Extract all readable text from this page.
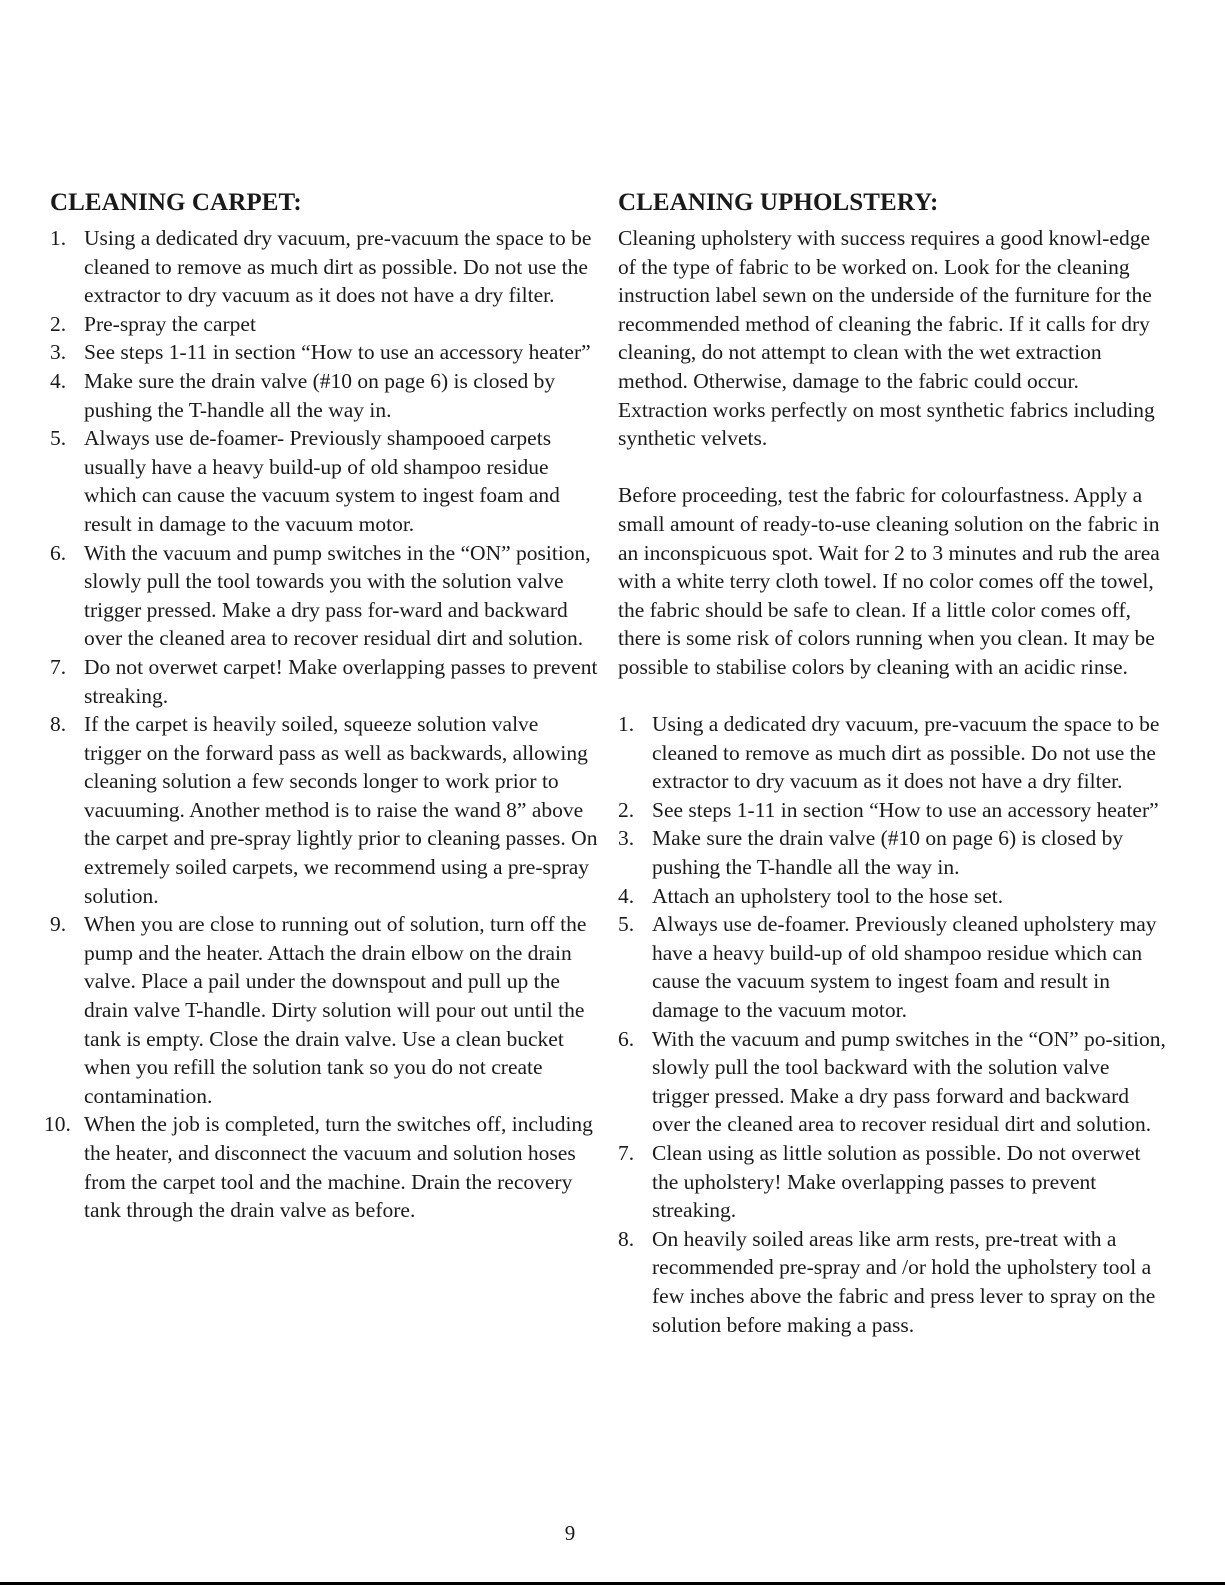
CLEANING CARPET:
1. Using a dedicated dry vacuum, pre-vacuum the space to be cleaned to remove as much dirt as possible. Do not use the extractor to dry vacuum as it does not have a dry filter.
2. Pre-spray the carpet
3. See steps 1-11 in section “How to use an accessory heater”
4. Make sure the drain valve (#10 on page 6) is closed by pushing the T-handle all the way in.
5. Always use de-foamer- Previously shampooed carpets usually have a heavy build-up of old shampoo residue which can cause the vacuum system to ingest foam and result in damage to the vacuum motor.
6. With the vacuum and pump switches in the “ON” position, slowly pull the tool towards you with the solution valve trigger pressed. Make a dry pass for-ward and backward over the cleaned area to recover residual dirt and solution.
7. Do not overwet carpet! Make overlapping passes to prevent streaking.
8. If the carpet is heavily soiled, squeeze solution valve trigger on the forward pass as well as backwards, allowing cleaning solution a few seconds longer to work prior to vacuuming. Another method is to raise the wand 8” above the carpet and pre-spray lightly prior to cleaning passes. On extremely soiled carpets, we recommend using a pre-spray solution.
9. When you are close to running out of solution, turn off the pump and the heater. Attach the drain elbow on the drain valve. Place a pail under the downspout and pull up the drain valve T-handle. Dirty solution will pour out until the tank is empty. Close the drain valve. Use a clean bucket when you refill the solution tank so you do not create contamination.
10. When the job is completed, turn the switches off, including the heater, and disconnect the vacuum and solution hoses from the carpet tool and the machine. Drain the recovery tank through the drain valve as before.
CLEANING UPHOLSTERY:

Cleaning upholstery with success requires a good knowl-edge of the type of fabric to be worked on. Look for the cleaning instruction label sewn on the underside of the furniture for the recommended method of cleaning the fabric. If it calls for dry cleaning, do not attempt to clean with the wet extraction method. Otherwise, damage to the fabric could occur. Extraction works perfectly on most synthetic fabrics including synthetic velvets.

Before proceeding, test the fabric for colourfastness. Apply a small amount of ready-to-use cleaning solution on the fabric in an inconspicuous spot. Wait for 2 to 3 minutes and rub the area with a white terry cloth towel. If no color comes off the towel, the fabric should be safe to clean. If a little color comes off, there is some risk of colors running when you clean. It may be possible to stabilise colors by cleaning with an acidic rinse.

1. Using a dedicated dry vacuum, pre-vacuum the space to be cleaned to remove as much dirt as possible. Do not use the extractor to dry vacuum as it does not have a dry filter.
2. See steps 1-11 in section “How to use an accessory heater”
3. Make sure the drain valve (#10 on page 6) is closed by pushing the T-handle all the way in.
4. Attach an upholstery tool to the hose set.
5. Always use de-foamer. Previously cleaned upholstery may have a heavy build-up of old shampoo residue which can cause the vacuum system to ingest foam and result in damage to the vacuum motor.
6. With the vacuum and pump switches in the “ON” po-sition, slowly pull the tool backward with the solution valve trigger pressed. Make a dry pass forward and backward over the cleaned area to recover residual dirt and solution.
7. Clean using as little solution as possible. Do not overwet the upholstery! Make overlapping passes to prevent streaking.
8. On heavily soiled areas like arm rests, pre-treat with a recommended pre-spray and /or hold the upholstery tool a few inches above the fabric and press lever to spray on the solution before making a pass.
9
